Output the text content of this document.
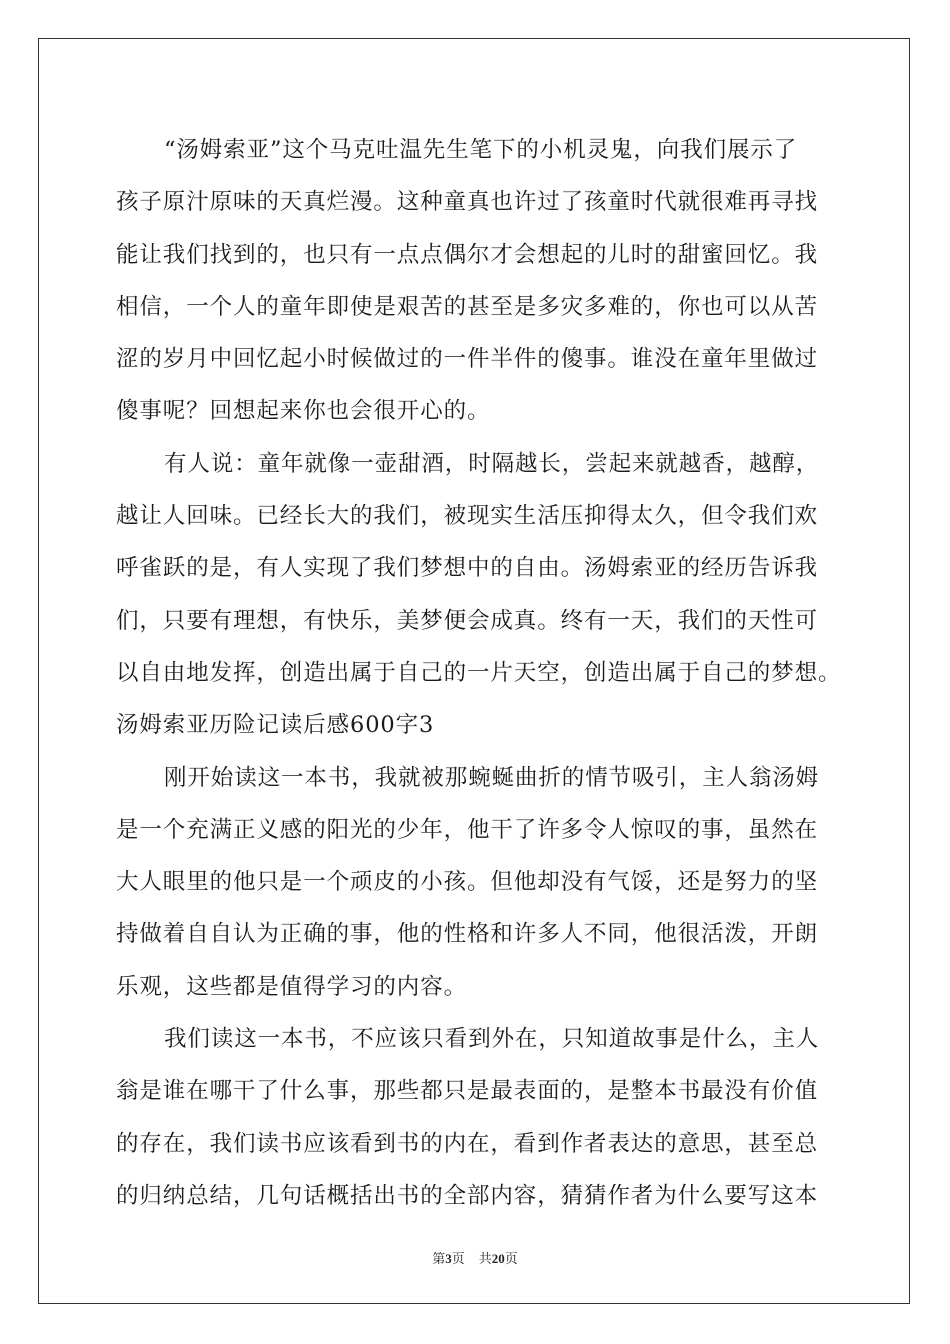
“汤姆索亚”这个马克吐温先生笔下的小机灵鬼，向我们展示了
孩子原汁原味的天真烂漫。这种童真也许过了孩童时代就很难再寻找
能让我们找到的，也只有一点点偶尔才会想起的儿时的甜蜜回忆。我
相信，一个人的童年即使是艰苦的甚至是多灾多难的，你也可以从苦
涩的岁月中回忆起小时候做过的一件半件的傻事。谁没在童年里做过
傻事呢？回想起来你也会很开心的。
有人说：童年就像一壶甜酒，时隔越长，尝起来就越香，越醇，
越让人回味。已经长大的我们，被现实生活压抑得太久，但令我们欢
呼雀跃的是，有人实现了我们梦想中的自由。汤姆索亚的经历告诉我
们，只要有理想，有快乐，美梦便会成真。终有一天，我们的天性可
以自由地发挥，创造出属于自己的一片天空，创造出属于自己的梦想。
汤姆索亚历险记读后感600字3
刚开始读这一本书，我就被那蜿蜒曲折的情节吸引，主人翁汤姆
是一个充满正义感的阳光的少年，他干了许多令人惊叹的事，虽然在
大人眼里的他只是一个顽皮的小孩。但他却没有气馁，还是努力的坚
持做着自自认为正确的事，他的性格和许多人不同，他很活泼，开朗
乐观，这些都是值得学习的内容。
我们读这一本书，不应该只看到外在，只知道故事是什么，主人
翁是谁在哪干了什么事，那些都只是最表面的，是整本书最没有价值
的存在，我们读书应该看到书的内在，看到作者表达的意思，甚至总
的归纳总结，几句话概括出书的全部内容，猜猜作者为什么要写这本
第3页 共20页
